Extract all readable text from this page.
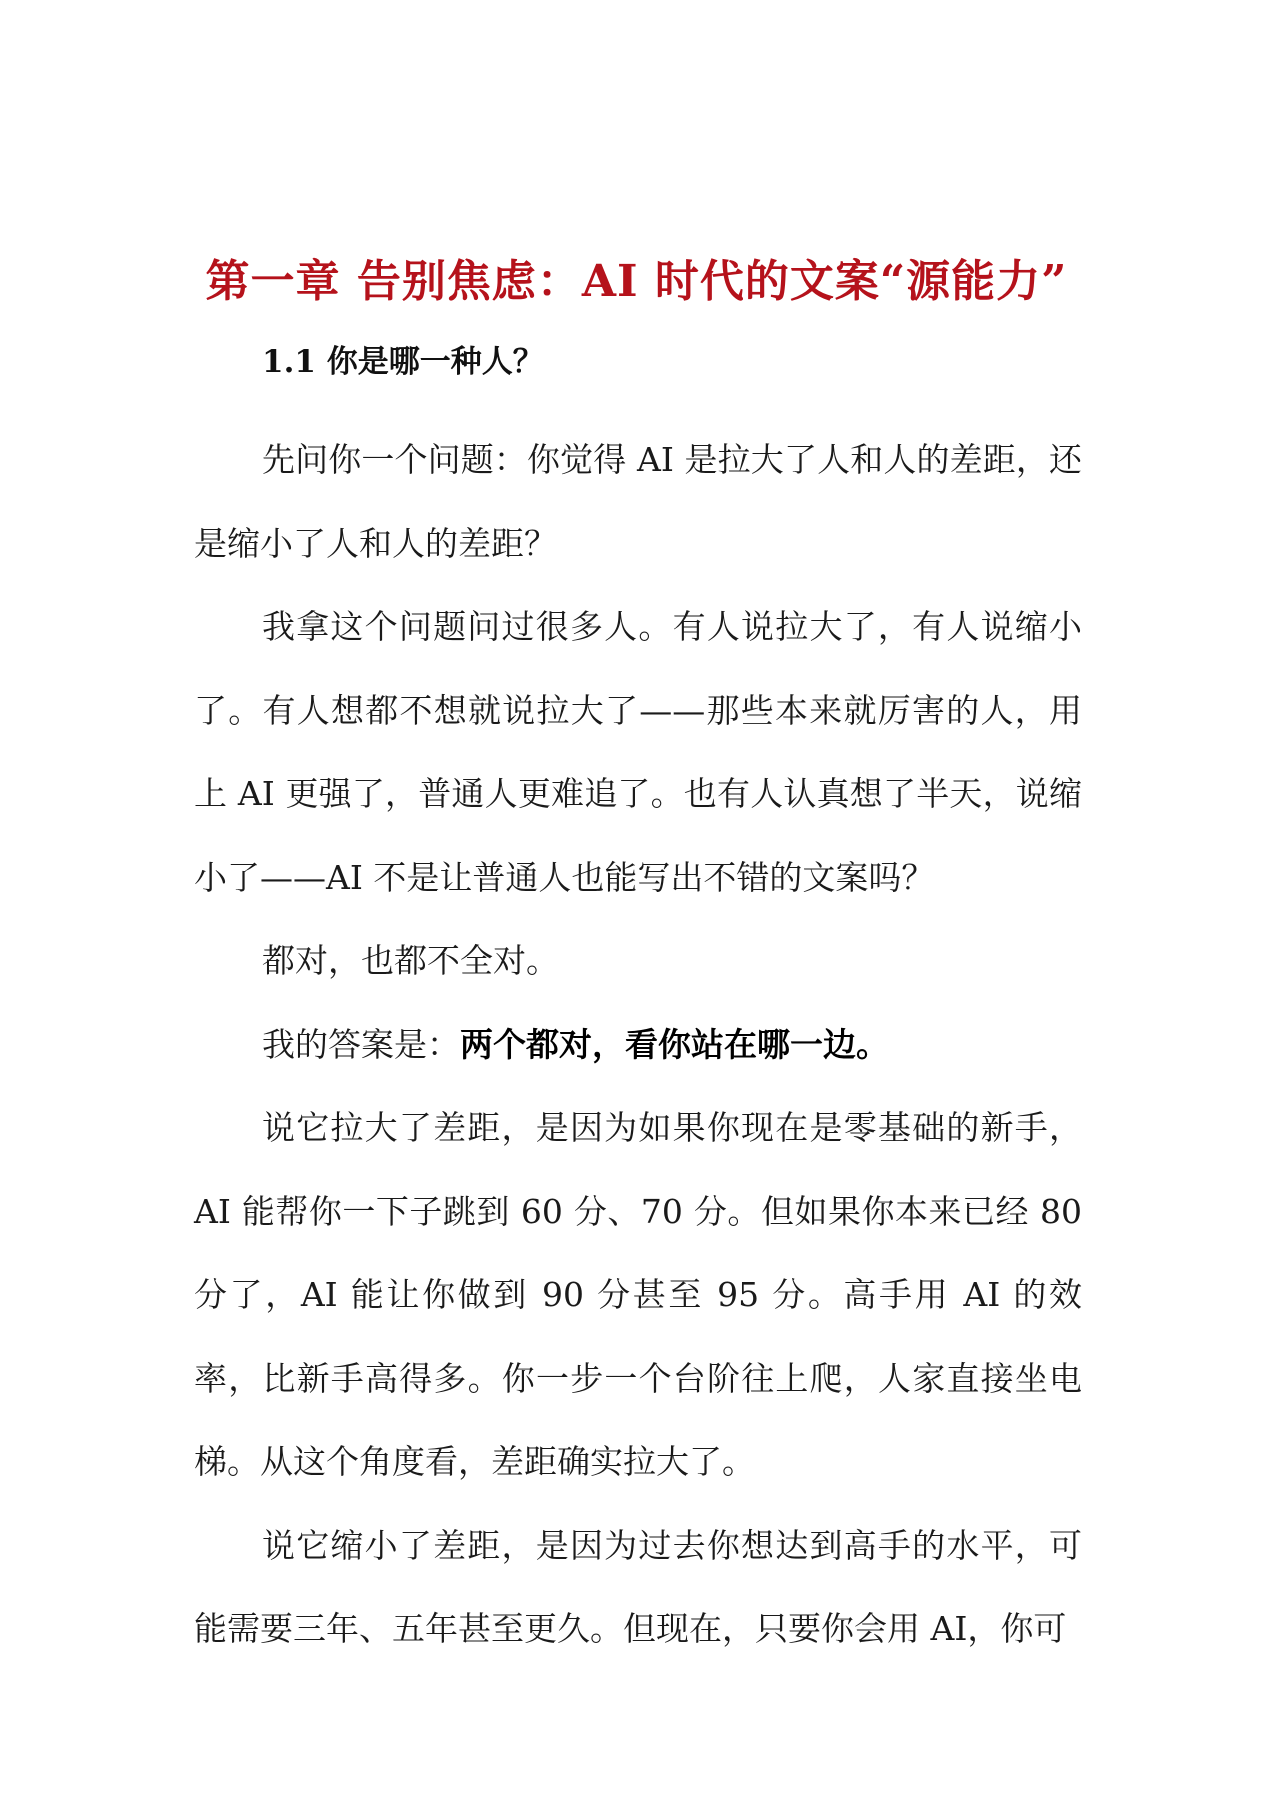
第一章 告别焦虑：AI 时代的文案“源能力”
1.1 你是哪一种人？

先问你一个问题：你觉得 AI 是拉大了人和人的差距，还是缩小了人和人的差距？

我拿这个问题问过很多人。有人说拉大了，有人说缩小了。有人想都不想就说拉大了——那些本来就厉害的人，用上 AI 更强了，普通人更难追了。也有人认真想了半天，说缩小了——AI 不是让普通人也能写出不错的文案吗？

都对，也都不全对。

我的答案是：两个都对，看你站在哪一边。

说它拉大了差距，是因为如果你现在是零基础的新手，AI 能帮你一下子跳到 60 分、70 分。但如果你本来已经 80 分了，AI 能让你做到 90 分甚至 95 分。高手用 AI 的效率，比新手高得多。你一步一个台阶往上爬，人家直接坐电梯。从这个角度看，差距确实拉大了。

说它缩小了差距，是因为过去你想达到高手的水平，可能需要三年、五年甚至更久。但现在，只要你会用 AI，你可
